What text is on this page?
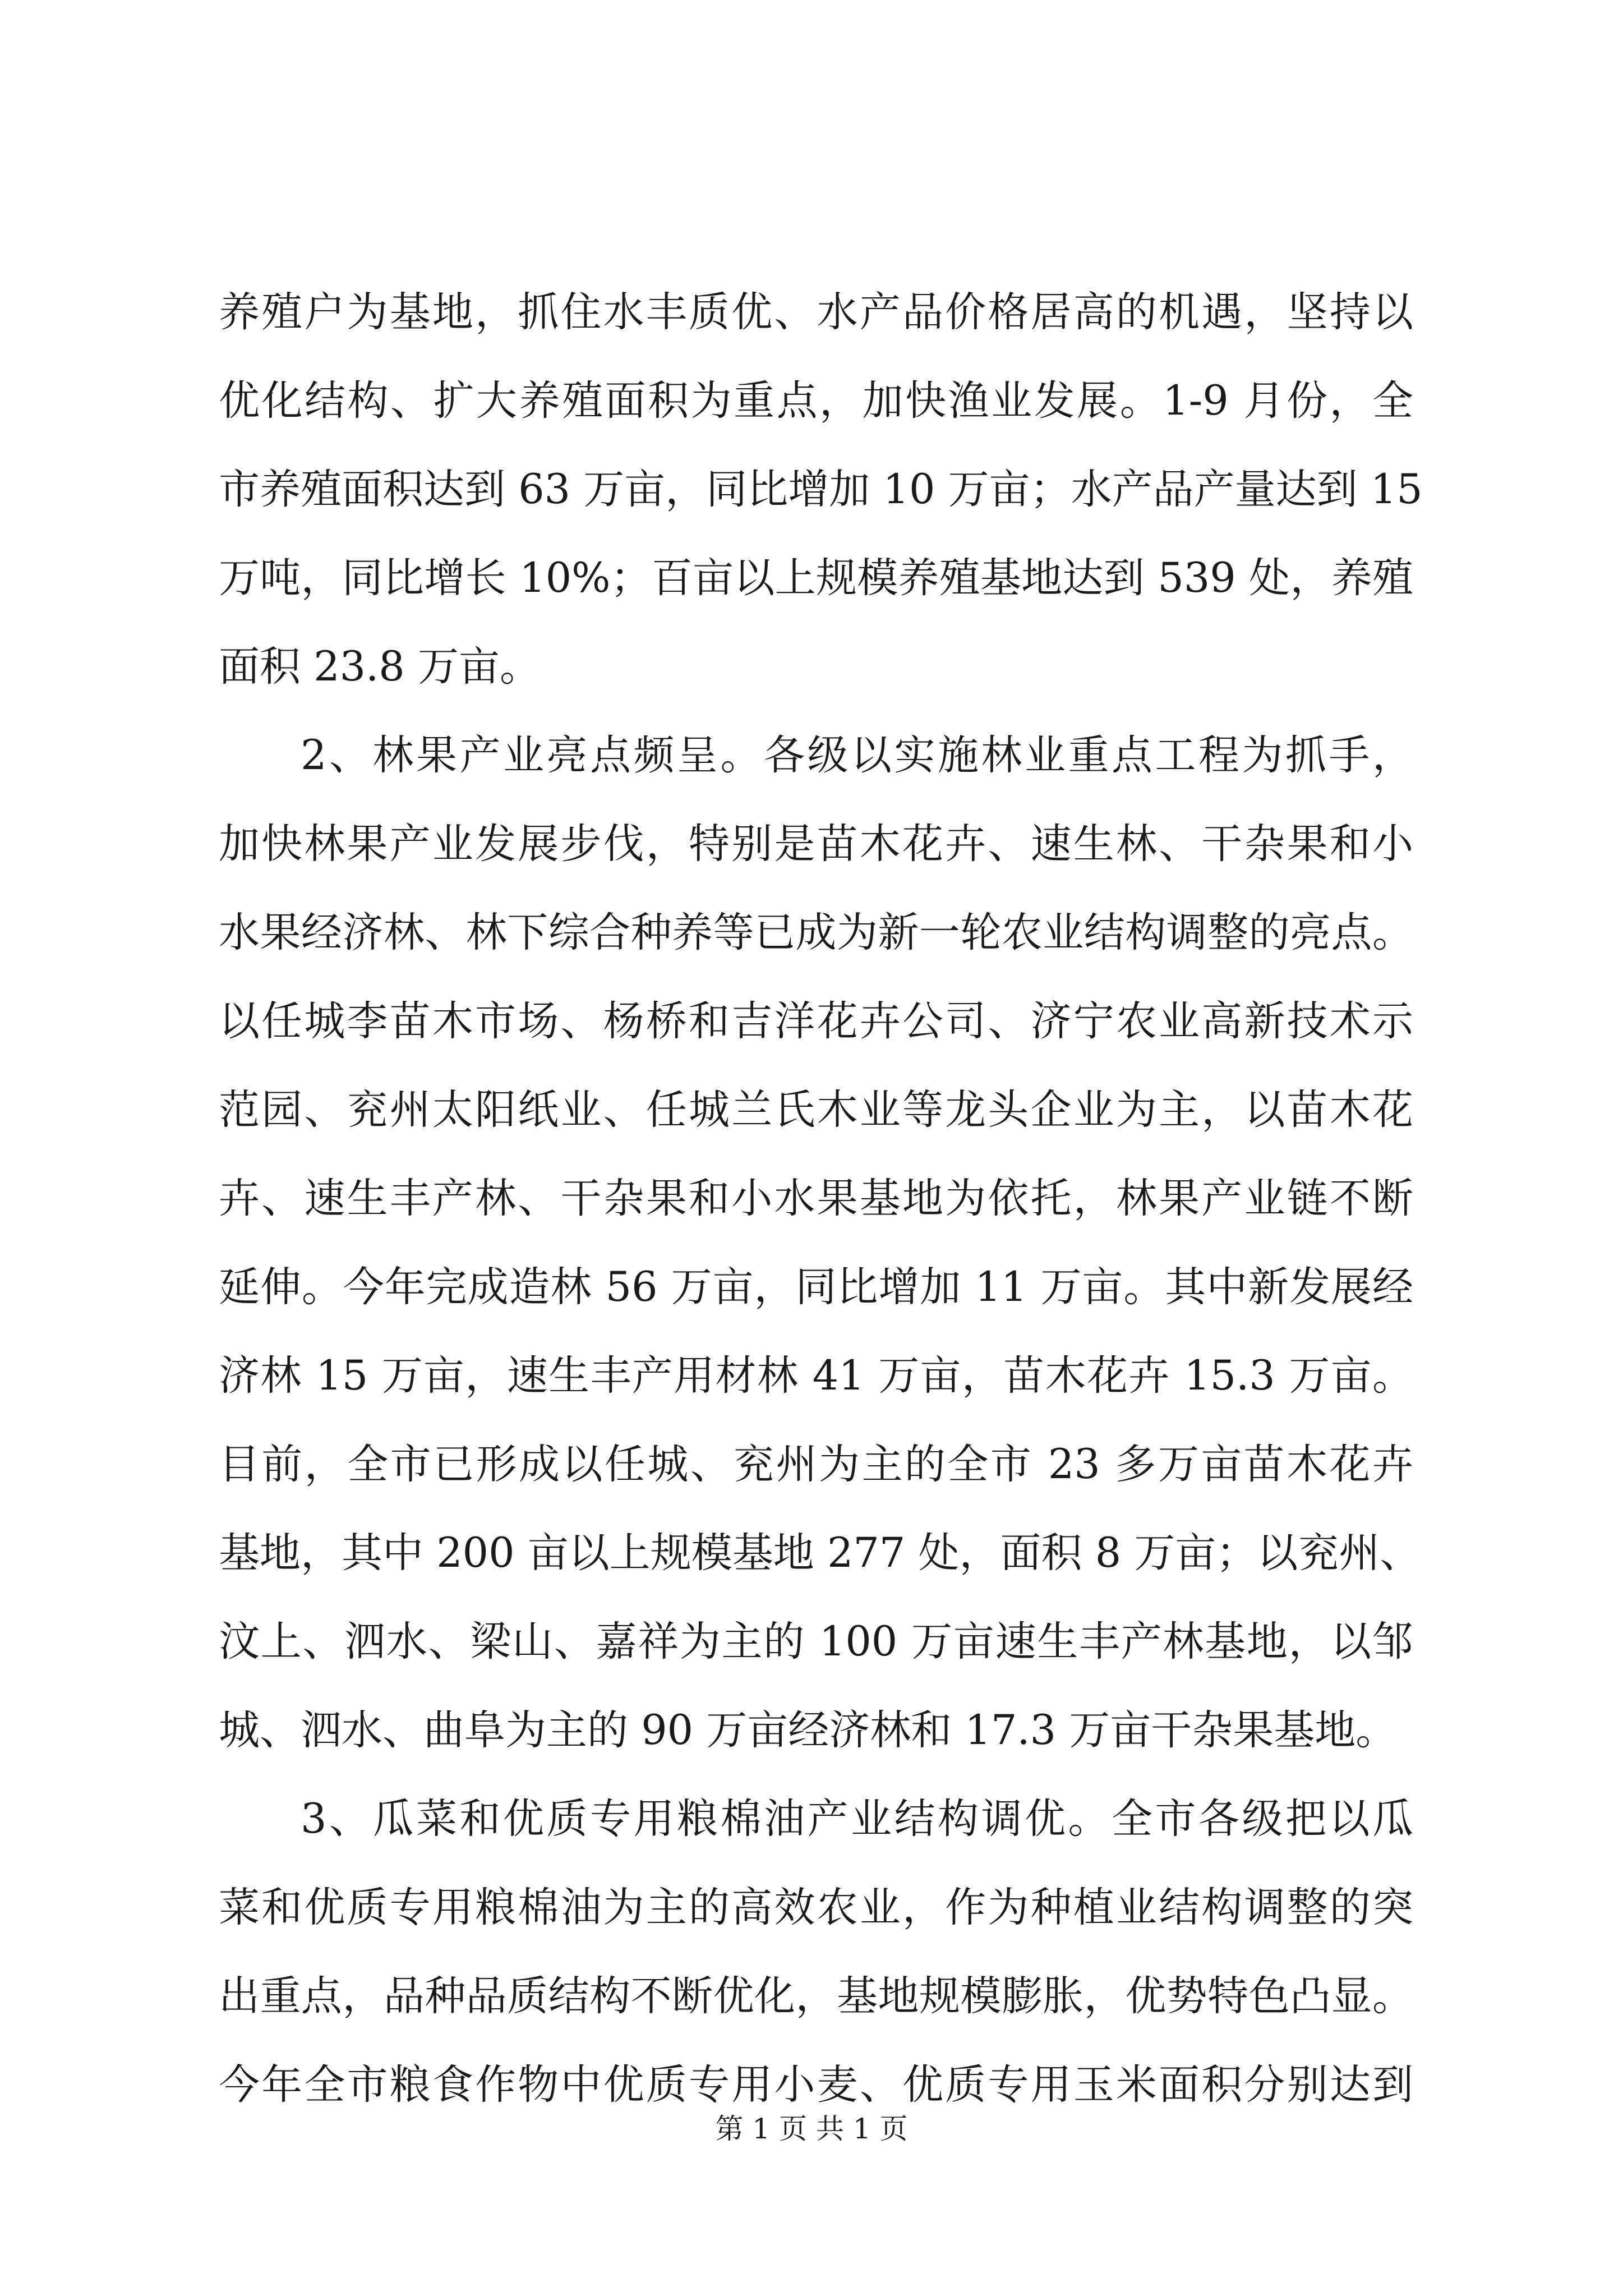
养殖户为基地，抓住水丰质优、水产品价格居高的机遇，坚持以
优化结构、扩大养殖面积为重点，加快渔业发展。1-9 月份，全
市养殖面积达到 63 万亩，同比增加 10 万亩；水产品产量达到 15
万吨，同比增长 10%；百亩以上规模养殖基地达到 539 处，养殖
面积 23.8 万亩。
2、林果产业亮点频呈。各级以实施林业重点工程为抓手，
加快林果产业发展步伐，特别是苗木花卉、速生林、干杂果和小
水果经济林、林下综合种养等已成为新一轮农业结构调整的亮点。
以任城李苗木市场、杨桥和吉洋花卉公司、济宁农业高新技术示
范园、兖州太阳纸业、任城兰氏木业等龙头企业为主，以苗木花
卉、速生丰产林、干杂果和小水果基地为依托，林果产业链不断
延伸。今年完成造林 56 万亩，同比增加 11 万亩。其中新发展经
济林 15 万亩，速生丰产用材林 41 万亩，苗木花卉 15.3 万亩。
目前，全市已形成以任城、兖州为主的全市 23 多万亩苗木花卉
基地，其中 200 亩以上规模基地 277 处，面积 8 万亩；以兖州、
汶上、泗水、梁山、嘉祥为主的 100 万亩速生丰产林基地，以邹
城、泗水、曲阜为主的 90 万亩经济林和 17.3 万亩干杂果基地。
3、瓜菜和优质专用粮棉油产业结构调优。全市各级把以瓜
菜和优质专用粮棉油为主的高效农业，作为种植业结构调整的突
出重点，品种品质结构不断优化，基地规模膨胀，优势特色凸显。
今年全市粮食作物中优质专用小麦、优质专用玉米面积分别达到
第 1 页 共 1 页
